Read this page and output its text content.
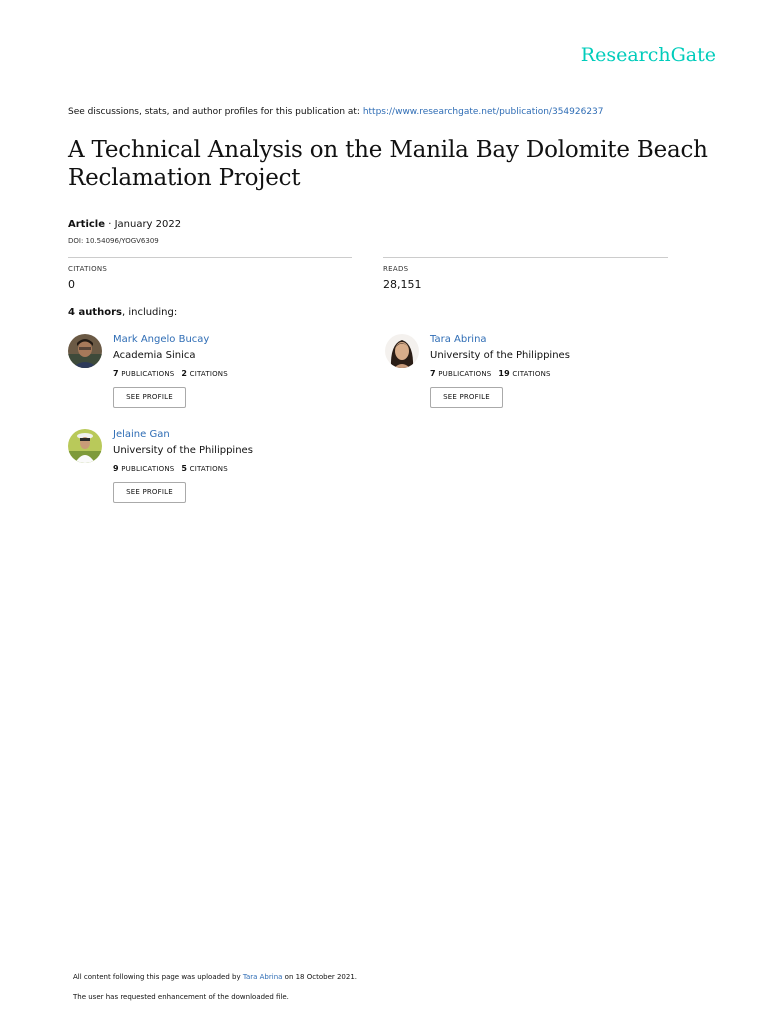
ResearchGate
See discussions, stats, and author profiles for this publication at: https://www.researchgate.net/publication/354926237
A Technical Analysis on the Manila Bay Dolomite Beach Reclamation Project
Article · January 2022
DOI: 10.54096/YOGV6309
CITATIONS
0
READS
28,151
4 authors, including:
Mark Angelo Bucay
Academia Sinica
7 PUBLICATIONS 2 CITATIONS
SEE PROFILE
Tara Abrina
University of the Philippines
7 PUBLICATIONS 19 CITATIONS
SEE PROFILE
Jelaine Gan
University of the Philippines
9 PUBLICATIONS 5 CITATIONS
SEE PROFILE
All content following this page was uploaded by Tara Abrina on 18 October 2021.
The user has requested enhancement of the downloaded file.
